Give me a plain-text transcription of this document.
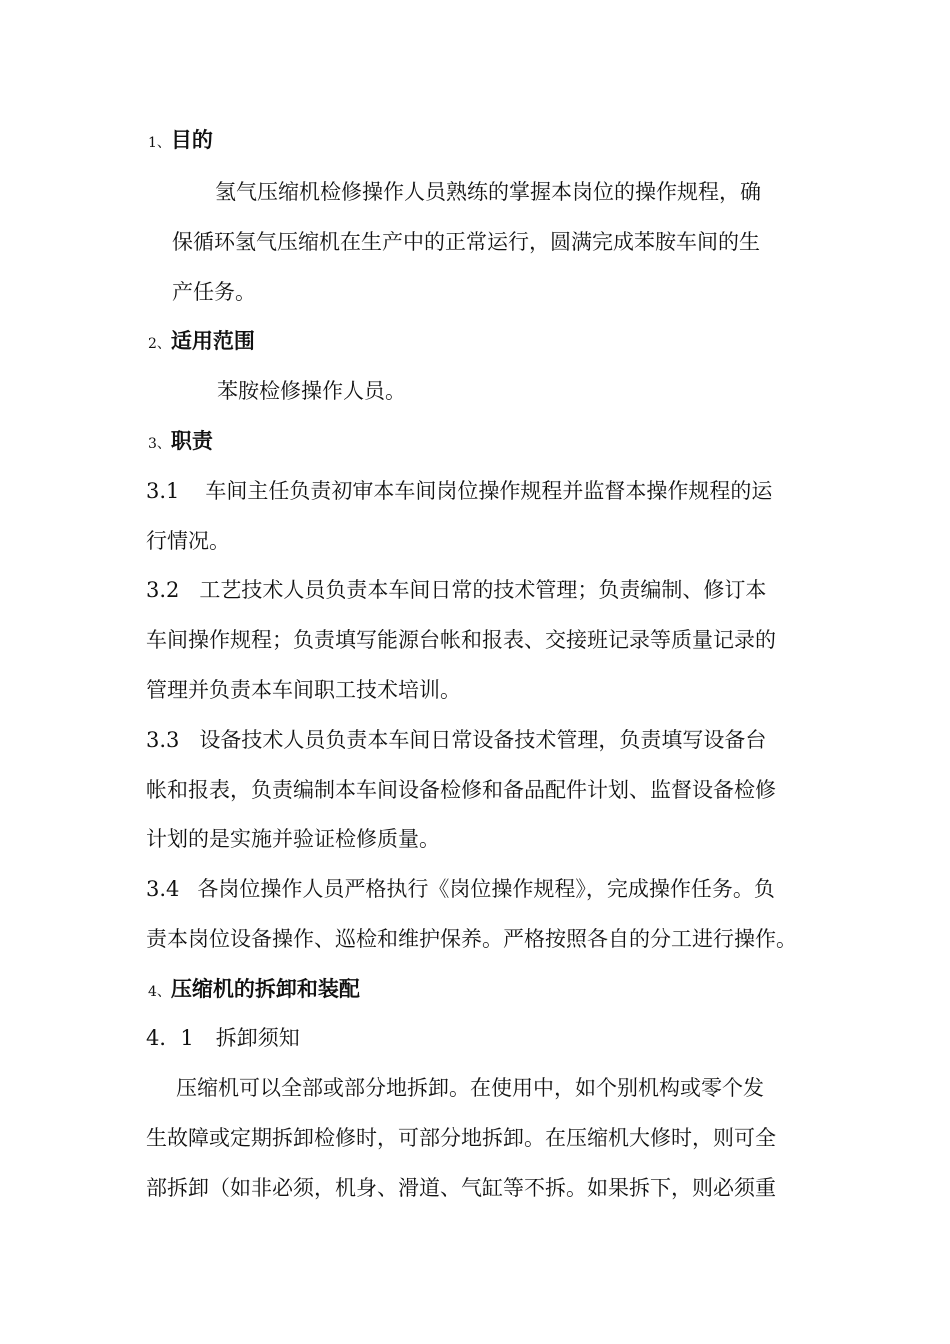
1、目的
氢气压缩机检修操作人员熟练的掌握本岗位的操作规程，确
保循环氢气压缩机在生产中的正常运行，圆满完成苯胺车间的生
产任务。
2、适用范围
苯胺检修操作人员。
3、职责
3.1 车间主任负责初审本车间岗位操作规程并监督本操作规程的运
行情况。
3.2 工艺技术人员负责本车间日常的技术管理；负责编制、修订本
车间操作规程；负责填写能源台帐和报表、交接班记录等质量记录的
管理并负责本车间职工技术培训。
3.3 设备技术人员负责本车间日常设备技术管理，负责填写设备台
帐和报表，负责编制本车间设备检修和备品配件计划、监督设备检修
计划的是实施并验证检修质量。
3.4 各岗位操作人员严格执行《岗位操作规程》，完成操作任务。负
责本岗位设备操作、巡检和维护保养。严格按照各自的分工进行操作。
4、压缩机的拆卸和装配
4．1 拆卸须知
压缩机可以全部或部分地拆卸。在使用中，如个别机构或零个发
生故障或定期拆卸检修时，可部分地拆卸。在压缩机大修时，则可全
部拆卸（如非必须，机身、滑道、气缸等不拆。如果拆下，则必须重
